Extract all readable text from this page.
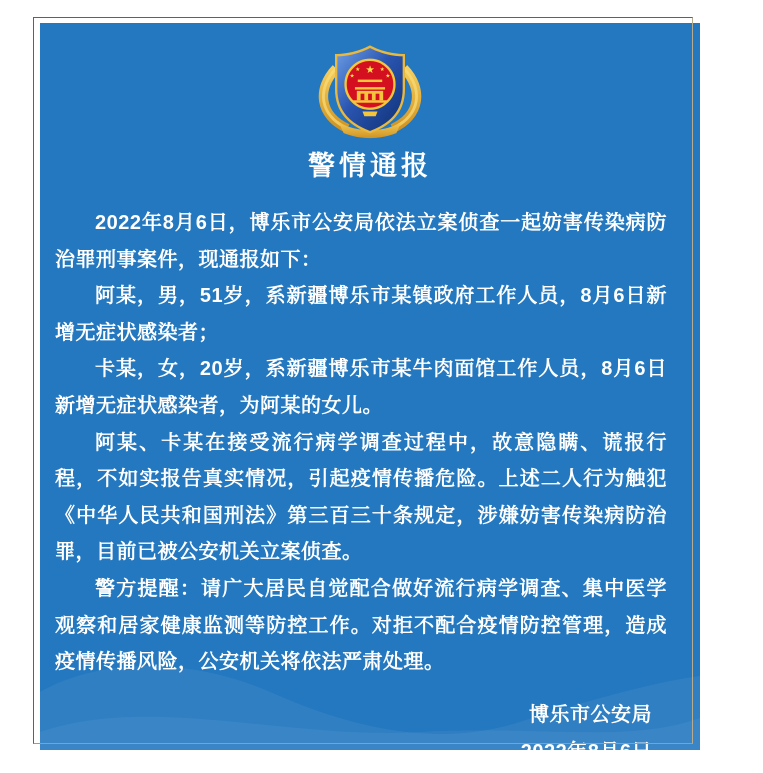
★
★	★
★	★
警情通报

2022年8月6日，博乐市公安局依法立案侦查一起妨害传染病防治罪刑事案件，现通报如下：

阿某，男，51岁，系新疆博乐市某镇政府工作人员，8月6日新增无症状感染者；

卡某，女，20岁，系新疆博乐市某牛肉面馆工作人员，8月6日新增无症状感染者，为阿某的女儿。

阿某、卡某在接受流行病学调查过程中，故意隐瞒、谎报行程，不如实报告真实情况，引起疫情传播危险。上述二人行为触犯《中华人民共和国刑法》第三百三十条规定，涉嫌妨害传染病防治罪，目前已被公安机关立案侦查。

警方提醒：请广大居民自觉配合做好流行病学调查、集中医学观察和居家健康监测等防控工作。对拒不配合疫情防控管理，造成疫情传播风险，公安机关将依法严肃处理。

博乐市公安局
2022年8月6日
